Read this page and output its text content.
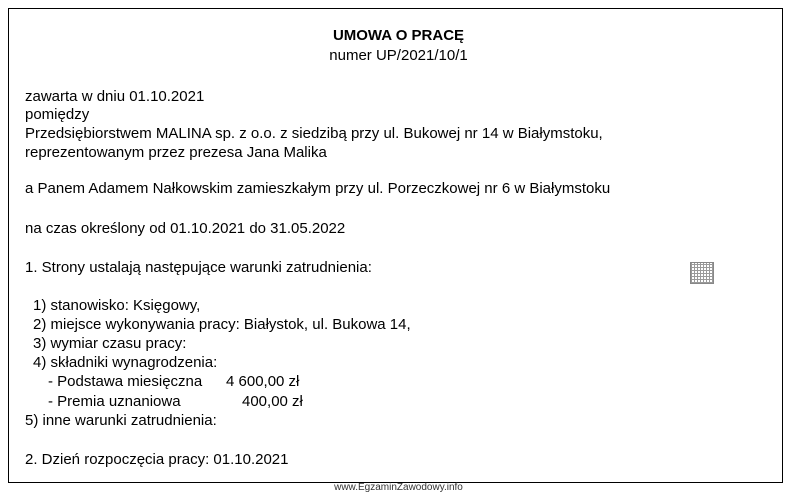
UMOWA O PRACĘ
numer UP/2021/10/1
zawarta w dniu 01.10.2021
pomiędzy
Przedsiębiorstwem MALINA sp. z o.o. z siedzibą przy ul. Bukowej nr 14 w Białymstoku,
reprezentowanym przez prezesa Jana Malika
a Panem Adamem Nałkowskim zamieszkałym przy ul. Porzeczkowej nr 6 w Białymstoku
na czas określony od 01.10.2021 do 31.05.2022
1. Strony ustalają następujące warunki zatrudnienia:
1) stanowisko: Księgowy,
2) miejsce wykonywania pracy: Białystok, ul. Bukowa 14,
3) wymiar czasu pracy:
4) składniki wynagrodzenia:
- Podstawa miesięczna 4 600,00 zł
- Premia uznaniowa	400,00 zł
5) inne warunki zatrudnienia:
2. Dzień rozpoczęcia pracy: 01.10.2021
www.EgzaminZawodowy.info
